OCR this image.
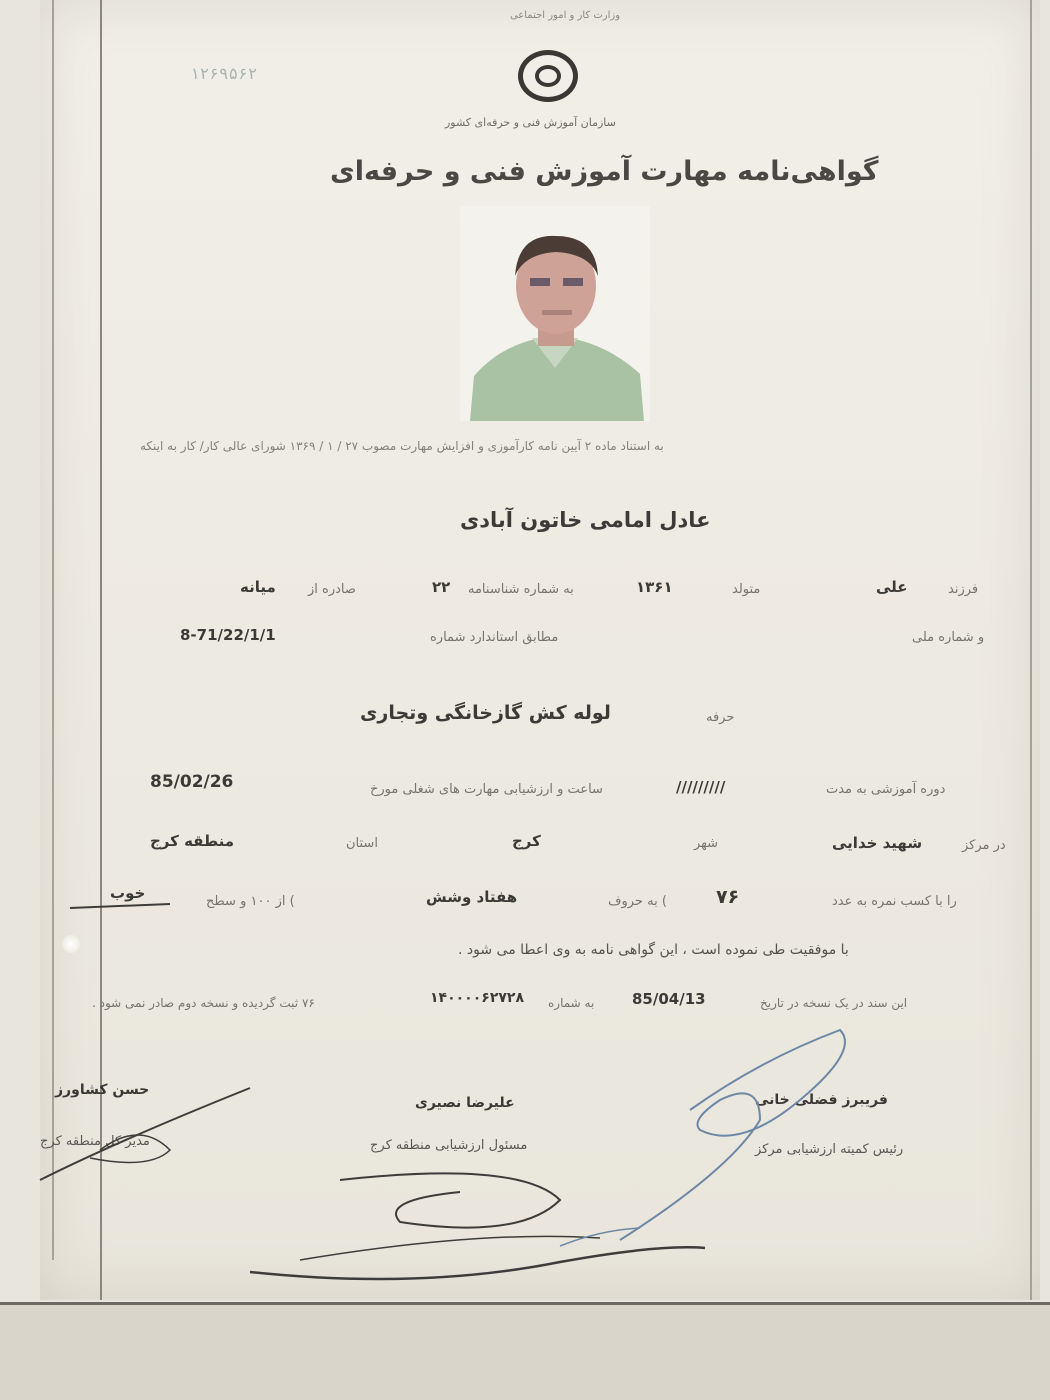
۱۲۶۹۵۶۲
وزارت کار و امور اجتماعی
سازمان آموزش فنی و حرفه‌ای کشور
گواهی‌نامه مهارت آموزش فنی و حرفه‌ای
به استناد ماده ۲ آیین نامه کارآموزی و افزایش مهارت مصوب ۲۷ / ۱ / ۱۳۶۹ شورای عالی کار/ کار به اینکه
عادل امامی خاتون آبادی
فرزند
علی
متولد
۱۳۶۱
به شماره شناسنامه
۲۲
صادره از
میانه
و شماره ملی
مطابق استاندارد شماره
8-71/22/1/1
حرفه
لوله کش گازخانگی وتجاری
دوره آموزشی به مدت
/////////
ساعت و ارزشیابی مهارت های شغلی مورخ
85/02/26
در مرکز
شهید خدایی
شهر
کرج
استان
منطقه کرج
را با کسب نمره به عدد
۷۶
) به حروف
هفتاد وشش
) از ۱۰۰ و سطح
خوب
با موفقیت طی نموده است ، این گواهی نامه به وی اعطا می شود .
این سند در یک نسخه در تاریخ
85/04/13
به شماره
۱۴۰۰۰۰۶۲۷۲۸
۷۶ ثبت گردیده و نسخه دوم صادر نمی شود .
حسن کشاورز
مدیر کل منطقه کرج
علیرضا نصیری
مسئول ارزشیابی منطقه کرج
فریبرز فضلی خانی
رئیس کمیته ارزشیابی مرکز
